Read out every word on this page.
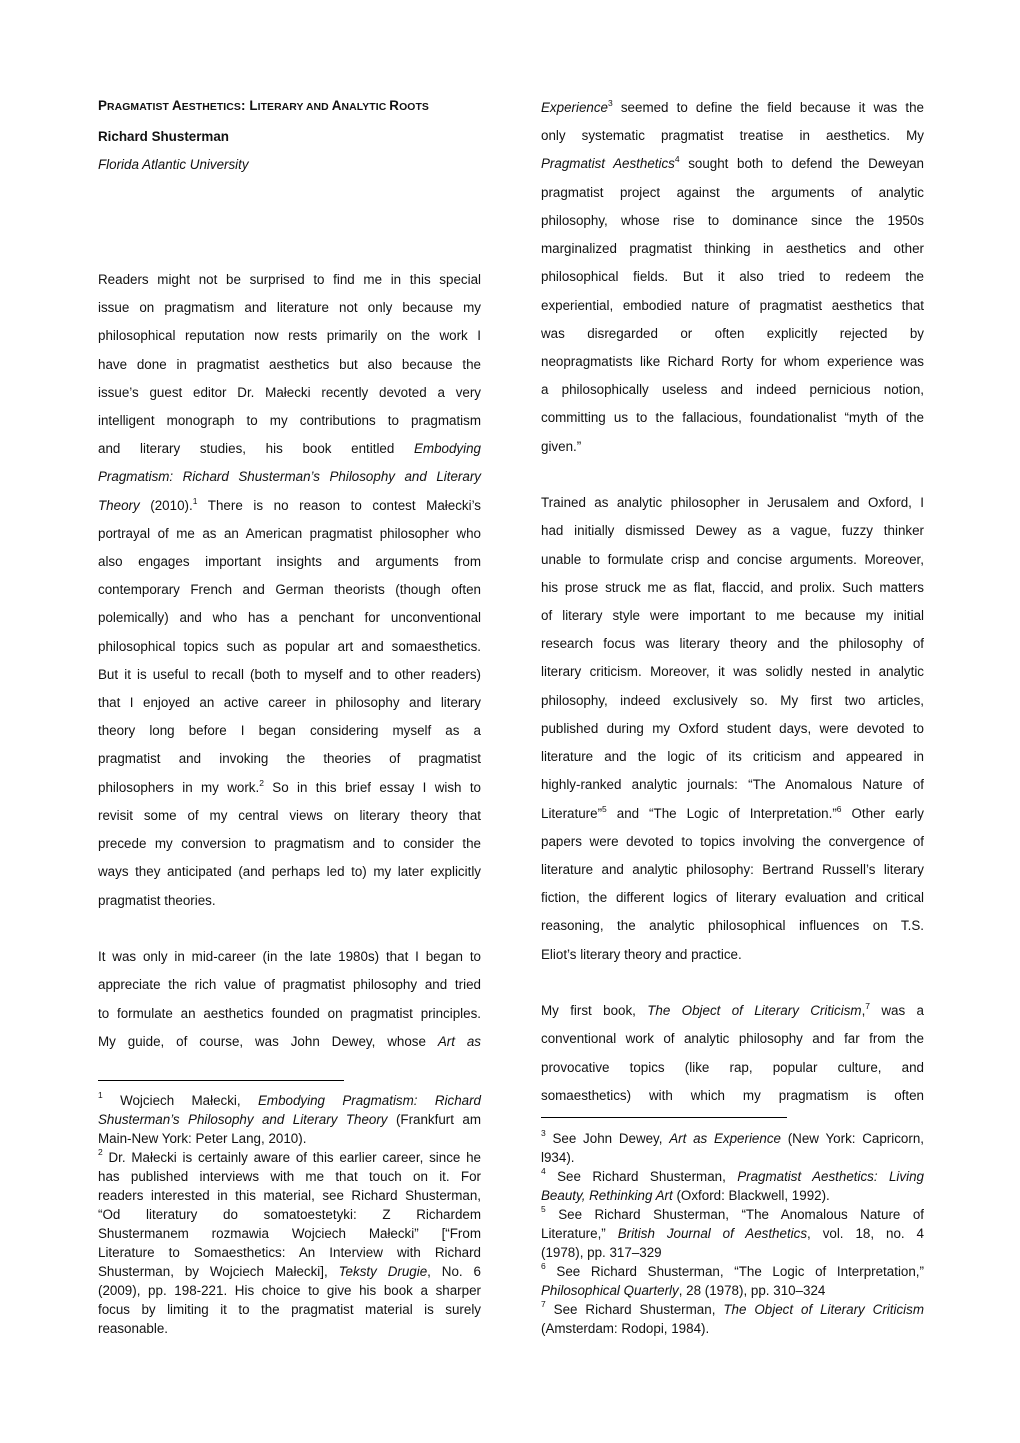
PRAGMATIST AESTHETICS: LITERARY AND ANALYTIC ROOTS
Richard Shusterman
Florida Atlantic University
Readers might not be surprised to find me in this special
issue on pragmatism and literature not only because my
philosophical reputation now rests primarily on the work I
have done in pragmatist aesthetics but also because the
issue’s guest editor Dr. Małecki recently devoted a very
intelligent monograph to my contributions to pragmatism
and literary studies, his book entitled Embodying
Pragmatism: Richard Shusterman’s Philosophy and Literary
Theory (2010).$^1$ There is no reason to contest Małecki’s
portrayal of me as an American pragmatist philosopher who
also engages important insights and arguments from
contemporary French and German theorists (though often
polemically) and who has a penchant for unconventional
philosophical topics such as popular art and somaesthetics.
But it is useful to recall (both to myself and to other readers)
that I enjoyed an active career in philosophy and literary
theory long before I began considering myself as a
pragmatist and invoking the theories of pragmatist
philosophers in my work.$^2$ So in this brief essay I wish to
revisit some of my central views on literary theory that
precede my conversion to pragmatism and to consider the
ways they anticipated (and perhaps led to) my later explicitly
pragmatist theories.
It was only in mid-career (in the late 1980s) that I began to
appreciate the rich value of pragmatist philosophy and tried
to formulate an aesthetics founded on pragmatist principles.
My guide, of course, was John Dewey, whose Art as
$^1$ Wojciech Małecki, Embodying Pragmatism: Richard
Shusterman’s Philosophy and Literary Theory (Frankfurt am
Main-New York: Peter Lang, 2010).
$^2$ Dr. Małecki is certainly aware of this earlier career, since he
has published interviews with me that touch on it. For
readers interested in this material, see Richard Shusterman,
“Od literatury do somatoestetyki: Z Richardem
Shustermanem rozmawia Wojciech Małecki” [“From
Literature to Somaesthetics: An Interview with Richard
Shusterman, by Wojciech Małecki], Teksty Drugie, No. 6
(2009), pp. 198-221. His choice to give his book a sharper
focus by limiting it to the pragmatist material is surely
reasonable.
Experience$^3$ seemed to define the field because it was the
only systematic pragmatist treatise in aesthetics. My
Pragmatist Aesthetics$^4$ sought both to defend the Deweyan
pragmatist project against the arguments of analytic
philosophy, whose rise to dominance since the 1950s
marginalized pragmatist thinking in aesthetics and other
philosophical fields. But it also tried to redeem the
experiential, embodied nature of pragmatist aesthetics that
was disregarded or often explicitly rejected by
neopragmatists like Richard Rorty for whom experience was
a philosophically useless and indeed pernicious notion,
committing us to the fallacious, foundationalist “myth of the
given.”
Trained as analytic philosopher in Jerusalem and Oxford, I
had initially dismissed Dewey as a vague, fuzzy thinker
unable to formulate crisp and concise arguments. Moreover,
his prose struck me as flat, flaccid, and prolix. Such matters
of literary style were important to me because my initial
research focus was literary theory and the philosophy of
literary criticism. Moreover, it was solidly nested in analytic
philosophy, indeed exclusively so. My first two articles,
published during my Oxford student days, were devoted to
literature and the logic of its criticism and appeared in
highly-ranked analytic journals: “The Anomalous Nature of
Literature”$^5$ and “The Logic of Interpretation.”$^6$ Other early
papers were devoted to topics involving the convergence of
literature and analytic philosophy: Bertrand Russell’s literary
fiction, the different logics of literary evaluation and critical
reasoning, the analytic philosophical influences on T.S.
Eliot’s literary theory and practice.
My first book, The Object of Literary Criticism,$^7$ was a
conventional work of analytic philosophy and far from the
provocative topics (like rap, popular culture, and
somaesthetics) with which my pragmatism is often
$^3$ See John Dewey, Art as Experience (New York: Capricorn,
l934).
$^4$ See Richard Shusterman, Pragmatist Aesthetics: Living
Beauty, Rethinking Art (Oxford: Blackwell, 1992).
$^5$ See Richard Shusterman, “The Anomalous Nature of
Literature,” British Journal of Aesthetics, vol. 18, no. 4
(1978), pp. 317–329
$^6$ See Richard Shusterman, “The Logic of Interpretation,”
Philosophical Quarterly, 28 (1978), pp. 310–324
$^7$ See Richard Shusterman, The Object of Literary Criticism
(Amsterdam: Rodopi, 1984).
